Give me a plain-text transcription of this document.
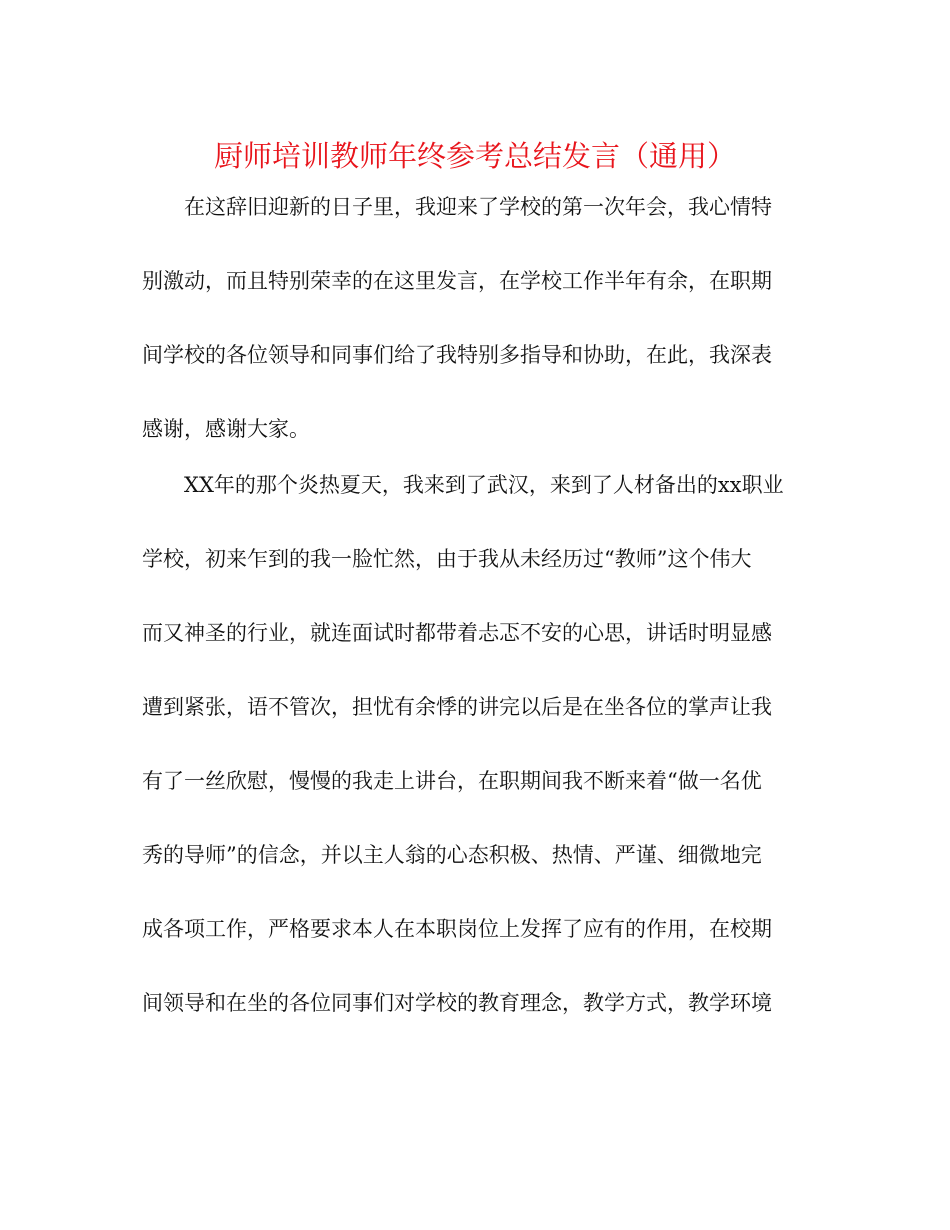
厨师培训教师年终参考总结发言（通用）
在这辞旧迎新的日子里，我迎来了学校的第一次年会，我心情特
别激动，而且特别荣幸的在这里发言，在学校工作半年有余，在职期
间学校的各位领导和同事们给了我特别多指导和协助，在此，我深表
感谢，感谢大家。
XX年的那个炎热夏天，我来到了武汉，来到了人材备出的xx职业
学校，初来乍到的我一脸忙然，由于我从未经历过“教师”这个伟大
而又神圣的行业，就连面试时都带着忐忑不安的心思，讲话时明显感
遭到紧张，语不管次，担忧有余悸的讲完以后是在坐各位的掌声让我
有了一丝欣慰，慢慢的我走上讲台，在职期间我不断来着“做一名优
秀的导师”的信念，并以主人翁的心态积极、热情、严谨、细微地完
成各项工作，严格要求本人在本职岗位上发挥了应有的作用，在校期
间领导和在坐的各位同事们对学校的教育理念，教学方式，教学环境
